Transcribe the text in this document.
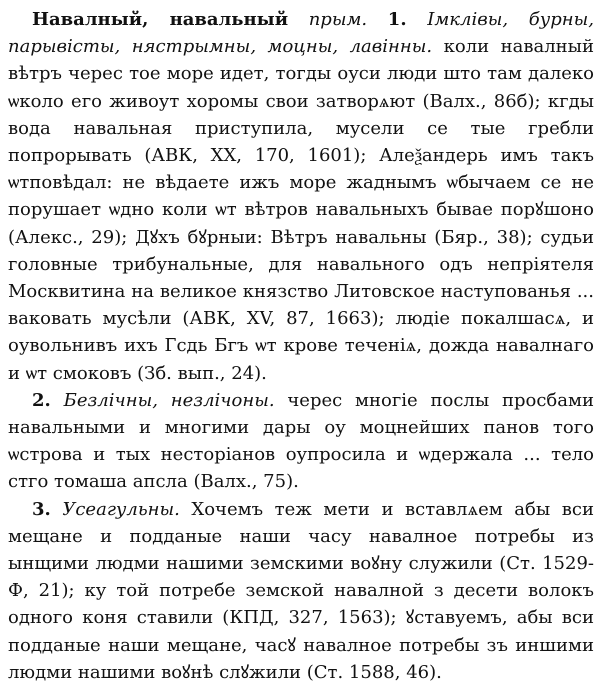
Навалный, навальный прым. 1. Імклівы, бурны, парывісты, нястрымны, моцны, лавінны. коли навалный вѣтръ черес тое море идет, тогды оуси люди што там далеко ѡколо его живоут хоромы свои затворѧют (Валх., 86б); кгды вода навальная приступила, мусели се тые гребли попрорывать (АВК, XX, 170, 1601); Алеѯандерь имъ такъ ѡтповѣдал: не вѣдаете ижъ море жаднымъ ѡбычаем се не порушает ѡдно коли ѡт вѣтров навальныхъ бывае порꙋшоно (Алекс., 29); Дꙋхъ бꙋрныи: Вѣтръ навальны (Бяр., 38); судьи головные трибунальные, для навального одъ непріятеля Москвитина на великое князство Литовское наступованья ... ваковать мусѣли (АВК, XV, 87, 1663); людіе покалшасѧ, и оувольнивъ ихъ Гсдь Бгъ ѡт крове теченіѧ, дожда навалнаго и ѡт смоковъ (Зб. вып., 24).

2. Безлічны, незлічоны. черес многіе послы просбами навальными и многими дары оу моцнейших панов того ѡстрова и тых несторіанов оупросила и ѡдержала ... тело стго томаша апсла (Валх., 75).

3. Усеагульны. Хочемъ теж мети и вставлѧем абы вси мещане и подданые наши часу навалное потребы из ынщими людми нашими земскими воꙋну служили (Ст. 1529-Ф, 21); ку той потребе земской навалной з десети волокъ одного коня ставили (КПД, 327, 1563); ꙋставуемъ, абы вси подданые наши мещане, часꙋ навалное потребы зъ иншими людми нашими воꙋнѣ слꙋжили (Ст. 1588, 46).
